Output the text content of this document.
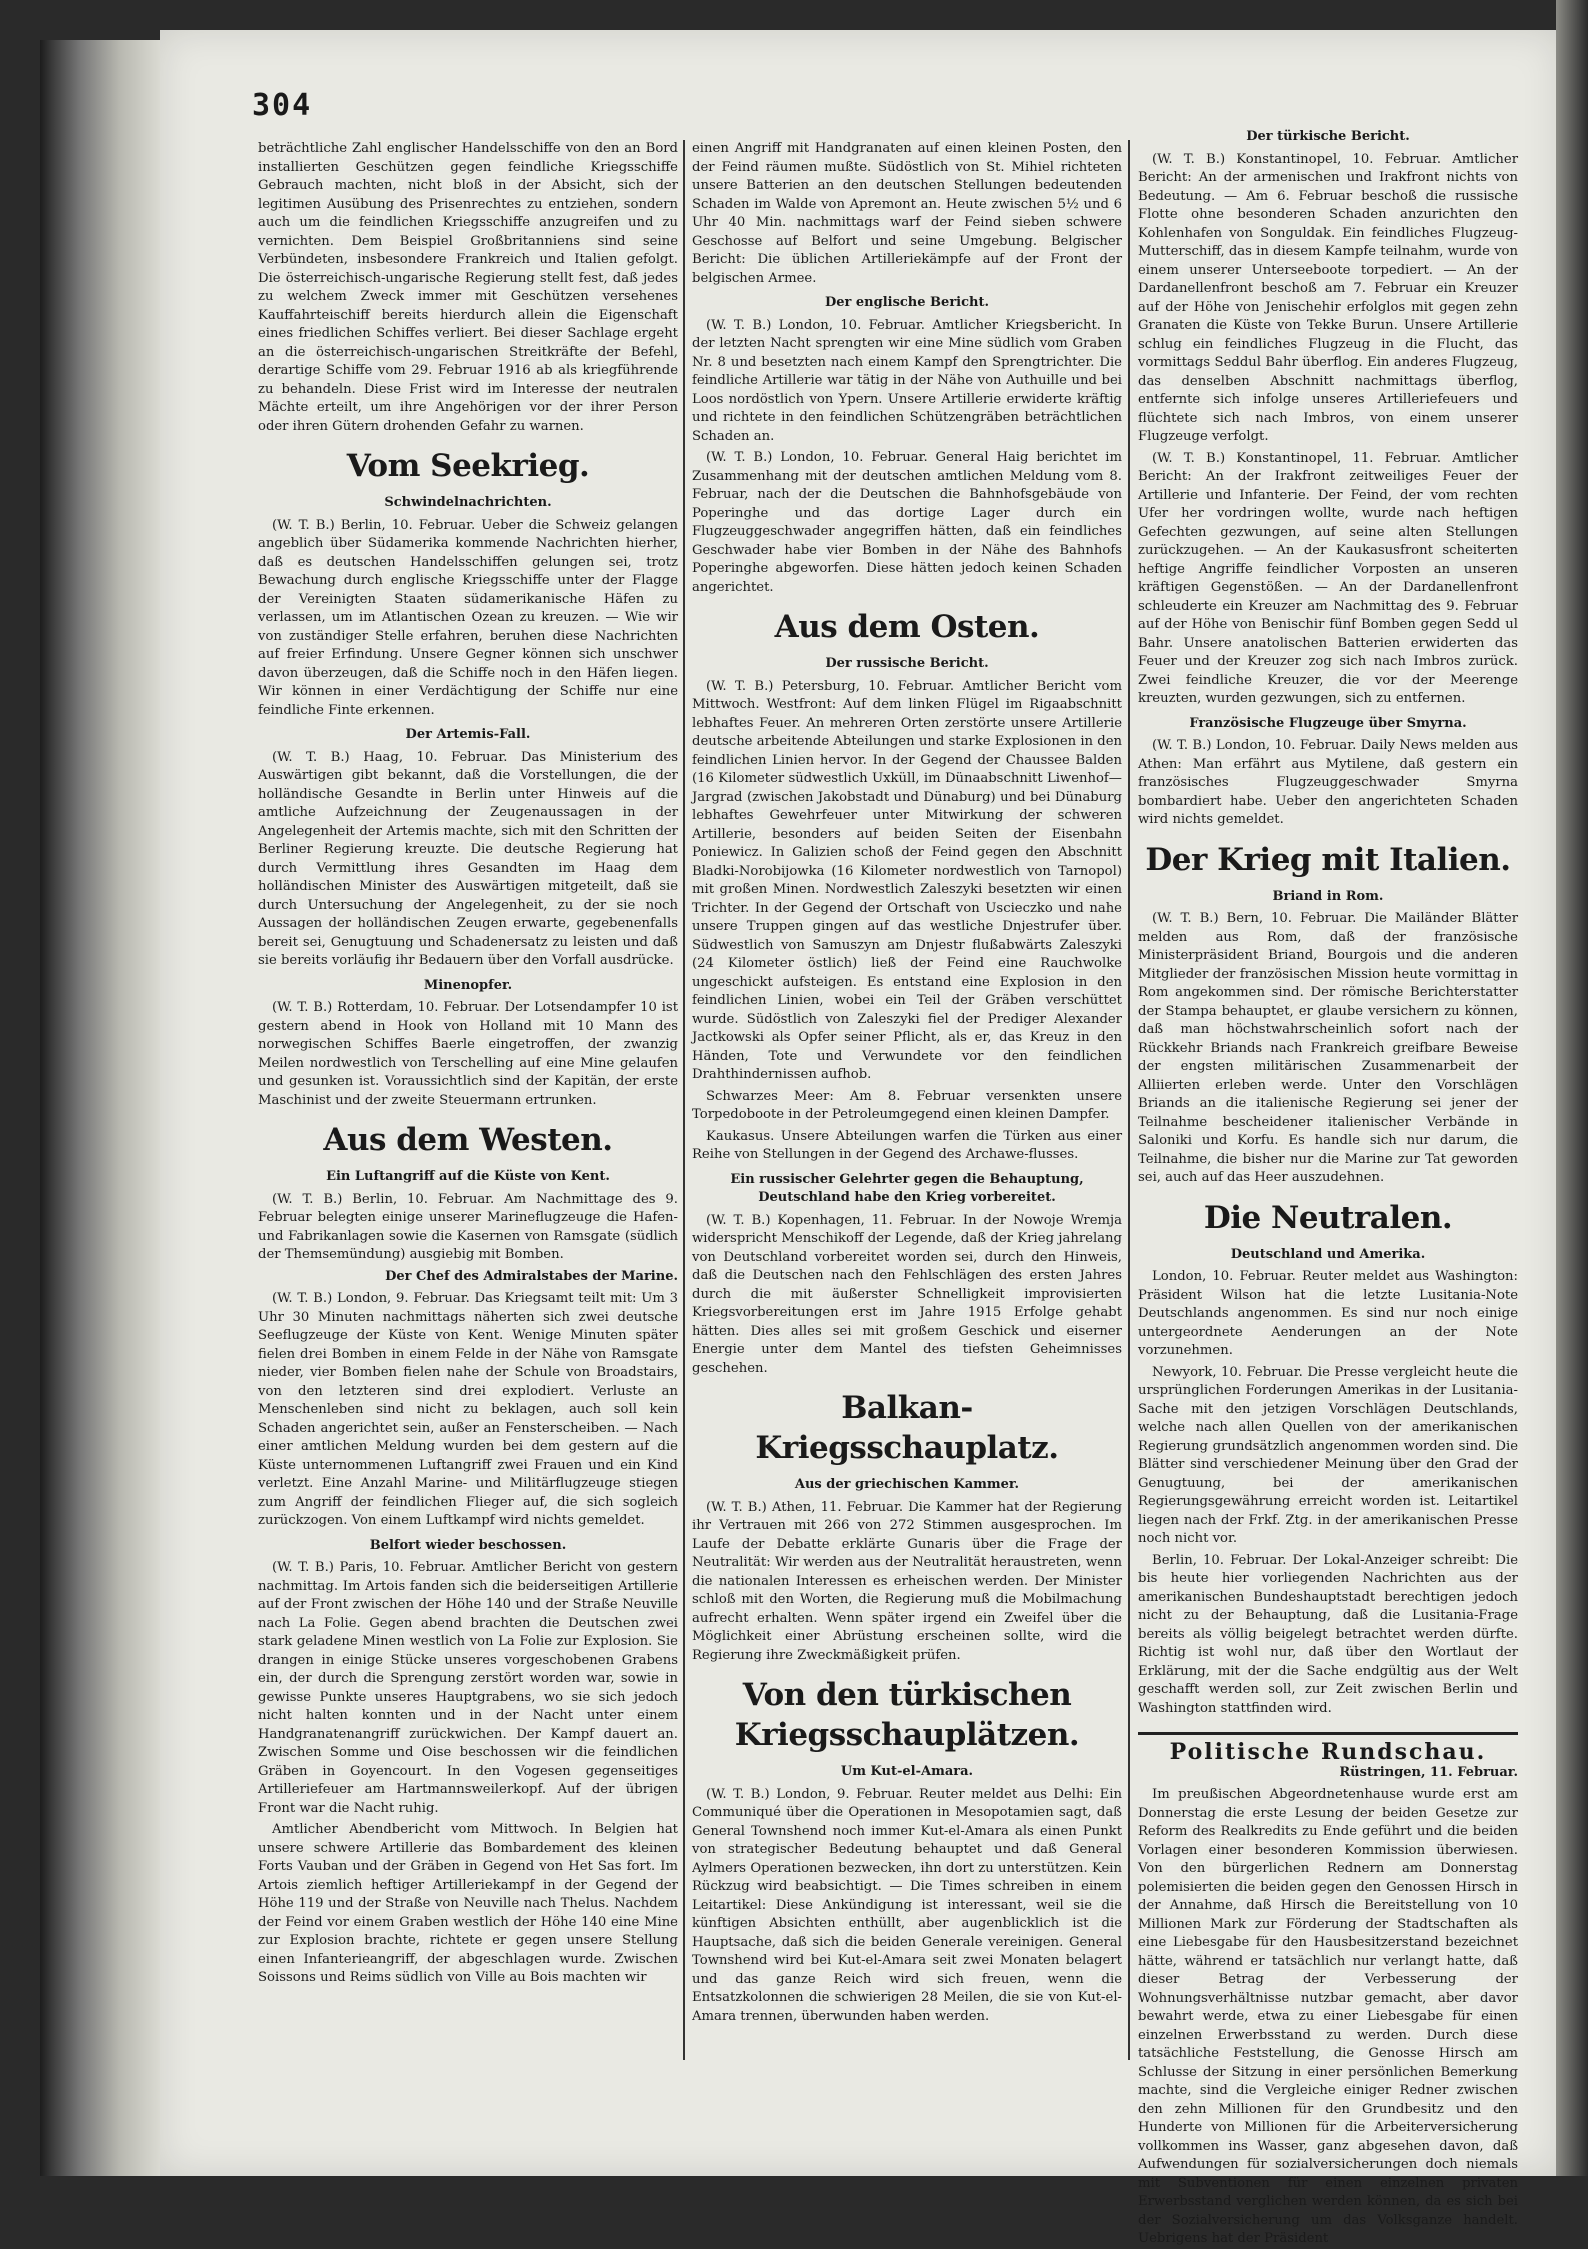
304

beträchtliche Zahl englischer Handelsschiffe von den an Bord installierten Geschützen gegen feindliche Kriegsschiffe Gebrauch machten, nicht bloß in der Absicht, sich der legitimen Ausübung des Prisenrechtes zu entziehen, sondern auch um die feindlichen Kriegsschiffe anzugreifen und zu vernichten. Dem Beispiel Großbritanniens sind seine Verbündeten, insbesondere Frankreich und Italien gefolgt. Die österreichisch-ungarische Regierung stellt fest, daß jedes zu welchem Zweck immer mit Geschützen versehenes Kauffahrteischiff bereits hierdurch allein die Eigenschaft eines friedlichen Schiffes verliert. Bei dieser Sachlage ergeht an die österreichisch-ungarischen Streitkräfte der Befehl, derartige Schiffe vom 29. Februar 1916 ab als kriegführende zu behandeln. Diese Frist wird im Interesse der neutralen Mächte erteilt, um ihre Angehörigen vor der ihrer Person oder ihren Gütern drohenden Gefahr zu warnen.

Vom Seekrieg.
Schwindelnachrichten.

(W. T. B.) Berlin, 10. Februar. Ueber die Schweiz gelangen angeblich über Südamerika kommende Nachrichten hierher, daß es deutschen Handelsschiffen gelungen sei, trotz Bewachung durch englische Kriegsschiffe unter der Flagge der Vereinigten Staaten südamerikanische Häfen zu verlassen, um im Atlantischen Ozean zu kreuzen. — Wie wir von zuständiger Stelle erfahren, beruhen diese Nachrichten auf freier Erfindung. Unsere Gegner können sich unschwer davon überzeugen, daß die Schiffe noch in den Häfen liegen. Wir können in einer Verdächtigung der Schiffe nur eine feindliche Finte erkennen.

Der Artemis-Fall.

(W. T. B.) Haag, 10. Februar. Das Ministerium des Auswärtigen gibt bekannt, daß die Vorstellungen, die der holländische Gesandte in Berlin unter Hinweis auf die amtliche Aufzeichnung der Zeugenaussagen in der Angelegenheit der Artemis machte, sich mit den Schritten der Berliner Regierung kreuzte. Die deutsche Regierung hat durch Vermittlung ihres Gesandten im Haag dem holländischen Minister des Auswärtigen mitgeteilt, daß sie durch Untersuchung der Angelegenheit, zu der sie noch Aussagen der holländischen Zeugen erwarte, gegebenenfalls bereit sei, Genugtuung und Schadenersatz zu leisten und daß sie bereits vorläufig ihr Bedauern über den Vorfall ausdrücke.

Minenopfer.

(W. T. B.) Rotterdam, 10. Februar. Der Lotsendampfer 10 ist gestern abend in Hook von Holland mit 10 Mann des norwegischen Schiffes Baerle eingetroffen, der zwanzig Meilen nordwestlich von Terschelling auf eine Mine gelaufen und gesunken ist. Voraussichtlich sind der Kapitän, der erste Maschinist und der zweite Steuermann ertrunken.

Aus dem Westen.
Ein Luftangriff auf die Küste von Kent.

(W. T. B.) Berlin, 10. Februar. Am Nachmittage des 9. Februar belegten einige unserer Marineflugzeuge die Hafen- und Fabrikanlagen sowie die Kasernen von Ramsgate (südlich der Themsemündung) ausgiebig mit Bomben.

Der Chef des Admiralstabes der Marine.

(W. T. B.) London, 9. Februar. Das Kriegsamt teilt mit: Um 3 Uhr 30 Minuten nachmittags näherten sich zwei deutsche Seeflugzeuge der Küste von Kent. Wenige Minuten später fielen drei Bomben in einem Felde in der Nähe von Ramsgate nieder, vier Bomben fielen nahe der Schule von Broadstairs, von den letzteren sind drei explodiert. Verluste an Menschenleben sind nicht zu beklagen, auch soll kein Schaden angerichtet sein, außer an Fensterscheiben. — Nach einer amtlichen Meldung wurden bei dem gestern auf die Küste unternommenen Luftangriff zwei Frauen und ein Kind verletzt. Eine Anzahl Marine- und Militärflugzeuge stiegen zum Angriff der feindlichen Flieger auf, die sich sogleich zurückzogen. Von einem Luftkampf wird nichts gemeldet.

Belfort wieder beschossen.

(W. T. B.) Paris, 10. Februar. Amtlicher Bericht von gestern nachmittag. Im Artois fanden sich die beiderseitigen Artillerie auf der Front zwischen der Höhe 140 und der Straße Neuville nach La Folie. Gegen abend brachten die Deutschen zwei stark geladene Minen westlich von La Folie zur Explosion. Sie drangen in einige Stücke unseres vorgeschobenen Grabens ein, der durch die Sprengung zerstört worden war, sowie in gewisse Punkte unseres Hauptgrabens, wo sie sich jedoch nicht halten konnten und in der Nacht unter einem Handgranatenangriff zurückwichen. Der Kampf dauert an. Zwischen Somme und Oise beschossen wir die feindlichen Gräben in Goyencourt. In den Vogesen gegenseitiges Artilleriefeuer am Hartmannsweilerkopf. Auf der übrigen Front war die Nacht ruhig.

Amtlicher Abendbericht vom Mittwoch. In Belgien hat unsere schwere Artillerie das Bombardement des kleinen Forts Vauban und der Gräben in Gegend von Het Sas fort. Im Artois ziemlich heftiger Artilleriekampf in der Gegend der Höhe 119 und der Straße von Neuville nach Thelus. Nachdem der Feind vor einem Graben westlich der Höhe 140 eine Mine zur Explosion brachte, richtete er gegen unsere Stellung einen Infanterieangriff, der abgeschlagen wurde. Zwischen Soissons und Reims südlich von Ville au Bois machten wir

einen Angriff mit Handgranaten auf einen kleinen Posten, den der Feind räumen mußte. Südöstlich von St. Mihiel richteten unsere Batterien an den deutschen Stellungen bedeutenden Schaden im Walde von Apremont an. Heute zwischen 5½ und 6 Uhr 40 Min. nachmittags warf der Feind sieben schwere Geschosse auf Belfort und seine Umgebung. Belgischer Bericht: Die üblichen Artilleriekämpfe auf der Front der belgischen Armee.

Der englische Bericht.

(W. T. B.) London, 10. Februar. Amtlicher Kriegsbericht. In der letzten Nacht sprengten wir eine Mine südlich vom Graben Nr. 8 und besetzten nach einem Kampf den Sprengtrichter. Die feindliche Artillerie war tätig in der Nähe von Authuille und bei Loos nordöstlich von Ypern. Unsere Artillerie erwiderte kräftig und richtete in den feindlichen Schützengräben beträchtlichen Schaden an.

(W. T. B.) London, 10. Februar. General Haig berichtet im Zusammenhang mit der deutschen amtlichen Meldung vom 8. Februar, nach der die Deutschen die Bahnhofsgebäude von Poperinghe und das dortige Lager durch ein Flugzeuggeschwader angegriffen hätten, daß ein feindliches Geschwader habe vier Bomben in der Nähe des Bahnhofs Poperinghe abgeworfen. Diese hätten jedoch keinen Schaden angerichtet.

Aus dem Osten.
Der russische Bericht.

(W. T. B.) Petersburg, 10. Februar. Amtlicher Bericht vom Mittwoch. Westfront: Auf dem linken Flügel im Rigaabschnitt lebhaftes Feuer. An mehreren Orten zerstörte unsere Artillerie deutsche arbeitende Abteilungen und starke Explosionen in den feindlichen Linien hervor. In der Gegend der Chaussee Balden (16 Kilometer südwestlich Uxküll, im Dünaabschnitt Liwenhof—Jargrad (zwischen Jakobstadt und Dünaburg) und bei Dünaburg lebhaftes Gewehrfeuer unter Mitwirkung der schweren Artillerie, besonders auf beiden Seiten der Eisenbahn Poniewicz. In Galizien schoß der Feind gegen den Abschnitt Bladki-Norobijowka (16 Kilometer nordwestlich von Tarnopol) mit großen Minen. Nordwestlich Zaleszyki besetzten wir einen Trichter. In der Gegend der Ortschaft von Uscieczko und nahe unsere Truppen gingen auf das westliche Dnjestrufer über. Südwestlich von Samuszyn am Dnjestr flußabwärts Zaleszyki (24 Kilometer östlich) ließ der Feind eine Rauchwolke ungeschickt aufsteigen. Es entstand eine Explosion in den feindlichen Linien, wobei ein Teil der Gräben verschüttet wurde. Südöstlich von Zaleszyki fiel der Prediger Alexander Jactkowski als Opfer seiner Pflicht, als er, das Kreuz in den Händen, Tote und Verwundete vor den feindlichen Drahthindernissen aufhob.

Schwarzes Meer: Am 8. Februar versenkten unsere Torpedoboote in der Petroleumgegend einen kleinen Dampfer.

Kaukasus. Unsere Abteilungen warfen die Türken aus einer Reihe von Stellungen in der Gegend des Archawe-flusses.

Ein russischer Gelehrter gegen die Behauptung, Deutschland habe den Krieg vorbereitet.

(W. T. B.) Kopenhagen, 11. Februar. In der Nowoje Wremja widerspricht Menschikoff der Legende, daß der Krieg jahrelang von Deutschland vorbereitet worden sei, durch den Hinweis, daß die Deutschen nach den Fehlschlägen des ersten Jahres durch die mit äußerster Schnelligkeit improvisierten Kriegsvorbereitungen erst im Jahre 1915 Erfolge gehabt hätten. Dies alles sei mit großem Geschick und eiserner Energie unter dem Mantel des tiefsten Geheimnisses geschehen.

Balkan-Kriegsschauplatz.
Aus der griechischen Kammer.

(W. T. B.) Athen, 11. Februar. Die Kammer hat der Regierung ihr Vertrauen mit 266 von 272 Stimmen ausgesprochen. Im Laufe der Debatte erklärte Gunaris über die Frage der Neutralität: Wir werden aus der Neutralität heraustreten, wenn die nationalen Interessen es erheischen werden. Der Minister schloß mit den Worten, die Regierung muß die Mobilmachung aufrecht erhalten. Wenn später irgend ein Zweifel über die Möglichkeit einer Abrüstung erscheinen sollte, wird die Regierung ihre Zweckmäßigkeit prüfen.

Von den türkischen Kriegsschauplätzen.
Um Kut-el-Amara.

(W. T. B.) London, 9. Februar. Reuter meldet aus Delhi: Ein Communiqué über die Operationen in Mesopotamien sagt, daß General Townshend noch immer Kut-el-Amara als einen Punkt von strategischer Bedeutung behauptet und daß General Aylmers Operationen bezwecken, ihn dort zu unterstützen. Kein Rückzug wird beabsichtigt. — Die Times schreiben in einem Leitartikel: Diese Ankündigung ist interessant, weil sie die künftigen Absichten enthüllt, aber augenblicklich ist die Hauptsache, daß sich die beiden Generale vereinigen. General Townshend wird bei Kut-el-Amara seit zwei Monaten belagert und das ganze Reich wird sich freuen, wenn die Entsatzkolonnen die schwierigen 28 Meilen, die sie von Kut-el-Amara trennen, überwunden haben werden.

Der türkische Bericht.

(W. T. B.) Konstantinopel, 10. Februar. Amtlicher Bericht: An der armenischen und Irakfront nichts von Bedeutung. — Am 6. Februar beschoß die russische Flotte ohne besonderen Schaden anzurichten den Kohlenhafen von Songuldak. Ein feindliches Flugzeug-Mutterschiff, das in diesem Kampfe teilnahm, wurde von einem unserer Unterseeboote torpediert. — An der Dardanellenfront beschoß am 7. Februar ein Kreuzer auf der Höhe von Jenischehir erfolglos mit gegen zehn Granaten die Küste von Tekke Burun. Unsere Artillerie schlug ein feindliches Flugzeug in die Flucht, das vormittags Seddul Bahr überflog. Ein anderes Flugzeug, das denselben Abschnitt nachmittags überflog, entfernte sich infolge unseres Artilleriefeuers und flüchtete sich nach Imbros, von einem unserer Flugzeuge verfolgt.

(W. T. B.) Konstantinopel, 11. Februar. Amtlicher Bericht: An der Irakfront zeitweiliges Feuer der Artillerie und Infanterie. Der Feind, der vom rechten Ufer her vordringen wollte, wurde nach heftigen Gefechten gezwungen, auf seine alten Stellungen zurückzugehen. — An der Kaukasusfront scheiterten heftige Angriffe feindlicher Vorposten an unseren kräftigen Gegenstößen. — An der Dardanellenfront schleuderte ein Kreuzer am Nachmittag des 9. Februar auf der Höhe von Benischir fünf Bomben gegen Sedd ul Bahr. Unsere anatolischen Batterien erwiderten das Feuer und der Kreuzer zog sich nach Imbros zurück. Zwei feindliche Kreuzer, die vor der Meerenge kreuzten, wurden gezwungen, sich zu entfernen.

Französische Flugzeuge über Smyrna.

(W. T. B.) London, 10. Februar. Daily News melden aus Athen: Man erfährt aus Mytilene, daß gestern ein französisches Flugzeuggeschwader Smyrna bombardiert habe. Ueber den angerichteten Schaden wird nichts gemeldet.

Der Krieg mit Italien.
Briand in Rom.

(W. T. B.) Bern, 10. Februar. Die Mailänder Blätter melden aus Rom, daß der französische Ministerpräsident Briand, Bourgois und die anderen Mitglieder der französischen Mission heute vormittag in Rom angekommen sind. Der römische Berichterstatter der Stampa behauptet, er glaube versichern zu können, daß man höchstwahrscheinlich sofort nach der Rückkehr Briands nach Frankreich greifbare Beweise der engsten militärischen Zusammenarbeit der Alliierten erleben werde. Unter den Vorschlägen Briands an die italienische Regierung sei jener der Teilnahme bescheidener italienischer Verbände in Saloniki und Korfu. Es handle sich nur darum, die Teilnahme, die bisher nur die Marine zur Tat geworden sei, auch auf das Heer auszudehnen.

Die Neutralen.
Deutschland und Amerika.

London, 10. Februar. Reuter meldet aus Washington: Präsident Wilson hat die letzte Lusitania-Note Deutschlands angenommen. Es sind nur noch einige untergeordnete Aenderungen an der Note vorzunehmen.

Newyork, 10. Februar. Die Presse vergleicht heute die ursprünglichen Forderungen Amerikas in der Lusitania-Sache mit den jetzigen Vorschlägen Deutschlands, welche nach allen Quellen von der amerikanischen Regierung grundsätzlich angenommen worden sind. Die Blätter sind verschiedener Meinung über den Grad der Genugtuung, bei der amerikanischen Regierungsgewährung erreicht worden ist. Leitartikel liegen nach der Frkf. Ztg. in der amerikanischen Presse noch nicht vor.

Berlin, 10. Februar. Der Lokal-Anzeiger schreibt: Die bis heute hier vorliegenden Nachrichten aus der amerikanischen Bundeshauptstadt berechtigen jedoch nicht zu der Behauptung, daß die Lusitania-Frage bereits als völlig beigelegt betrachtet werden dürfte. Richtig ist wohl nur, daß über den Wortlaut der Erklärung, mit der die Sache endgültig aus der Welt geschafft werden soll, zur Zeit zwischen Berlin und Washington stattfinden wird.

Politische Rundschau.
Rüstringen, 11. Februar.

Im preußischen Abgeordnetenhause wurde erst am Donnerstag die erste Lesung der beiden Gesetze zur Reform des Realkredits zu Ende geführt und die beiden Vorlagen einer besonderen Kommission überwiesen. Von den bürgerlichen Rednern am Donnerstag polemisierten die beiden gegen den Genossen Hirsch in der Annahme, daß Hirsch die Bereitstellung von 10 Millionen Mark zur Förderung der Stadtschaften als eine Liebesgabe für den Hausbesitzerstand bezeichnet hätte, während er tatsächlich nur verlangt hatte, daß dieser Betrag der Verbesserung der Wohnungsverhältnisse nutzbar gemacht, aber davor bewahrt werde, etwa zu einer Liebesgabe für einen einzelnen Erwerbsstand zu werden. Durch diese tatsächliche Feststellung, die Genosse Hirsch am Schlusse der Sitzung in einer persönlichen Bemerkung machte, sind die Vergleiche einiger Redner zwischen den zehn Millionen für den Grundbesitz und den Hunderte von Millionen für die Arbeiterversicherung vollkommen ins Wasser, ganz abgesehen davon, daß Aufwendungen für sozialversicherungen doch niemals mit Subventionen für einen einzelnen privaten Erwerbsstand verglichen werden können, da es sich bei der Sozialversicherung um das Volksganze handelt. Uebrigens hat der Präsident
